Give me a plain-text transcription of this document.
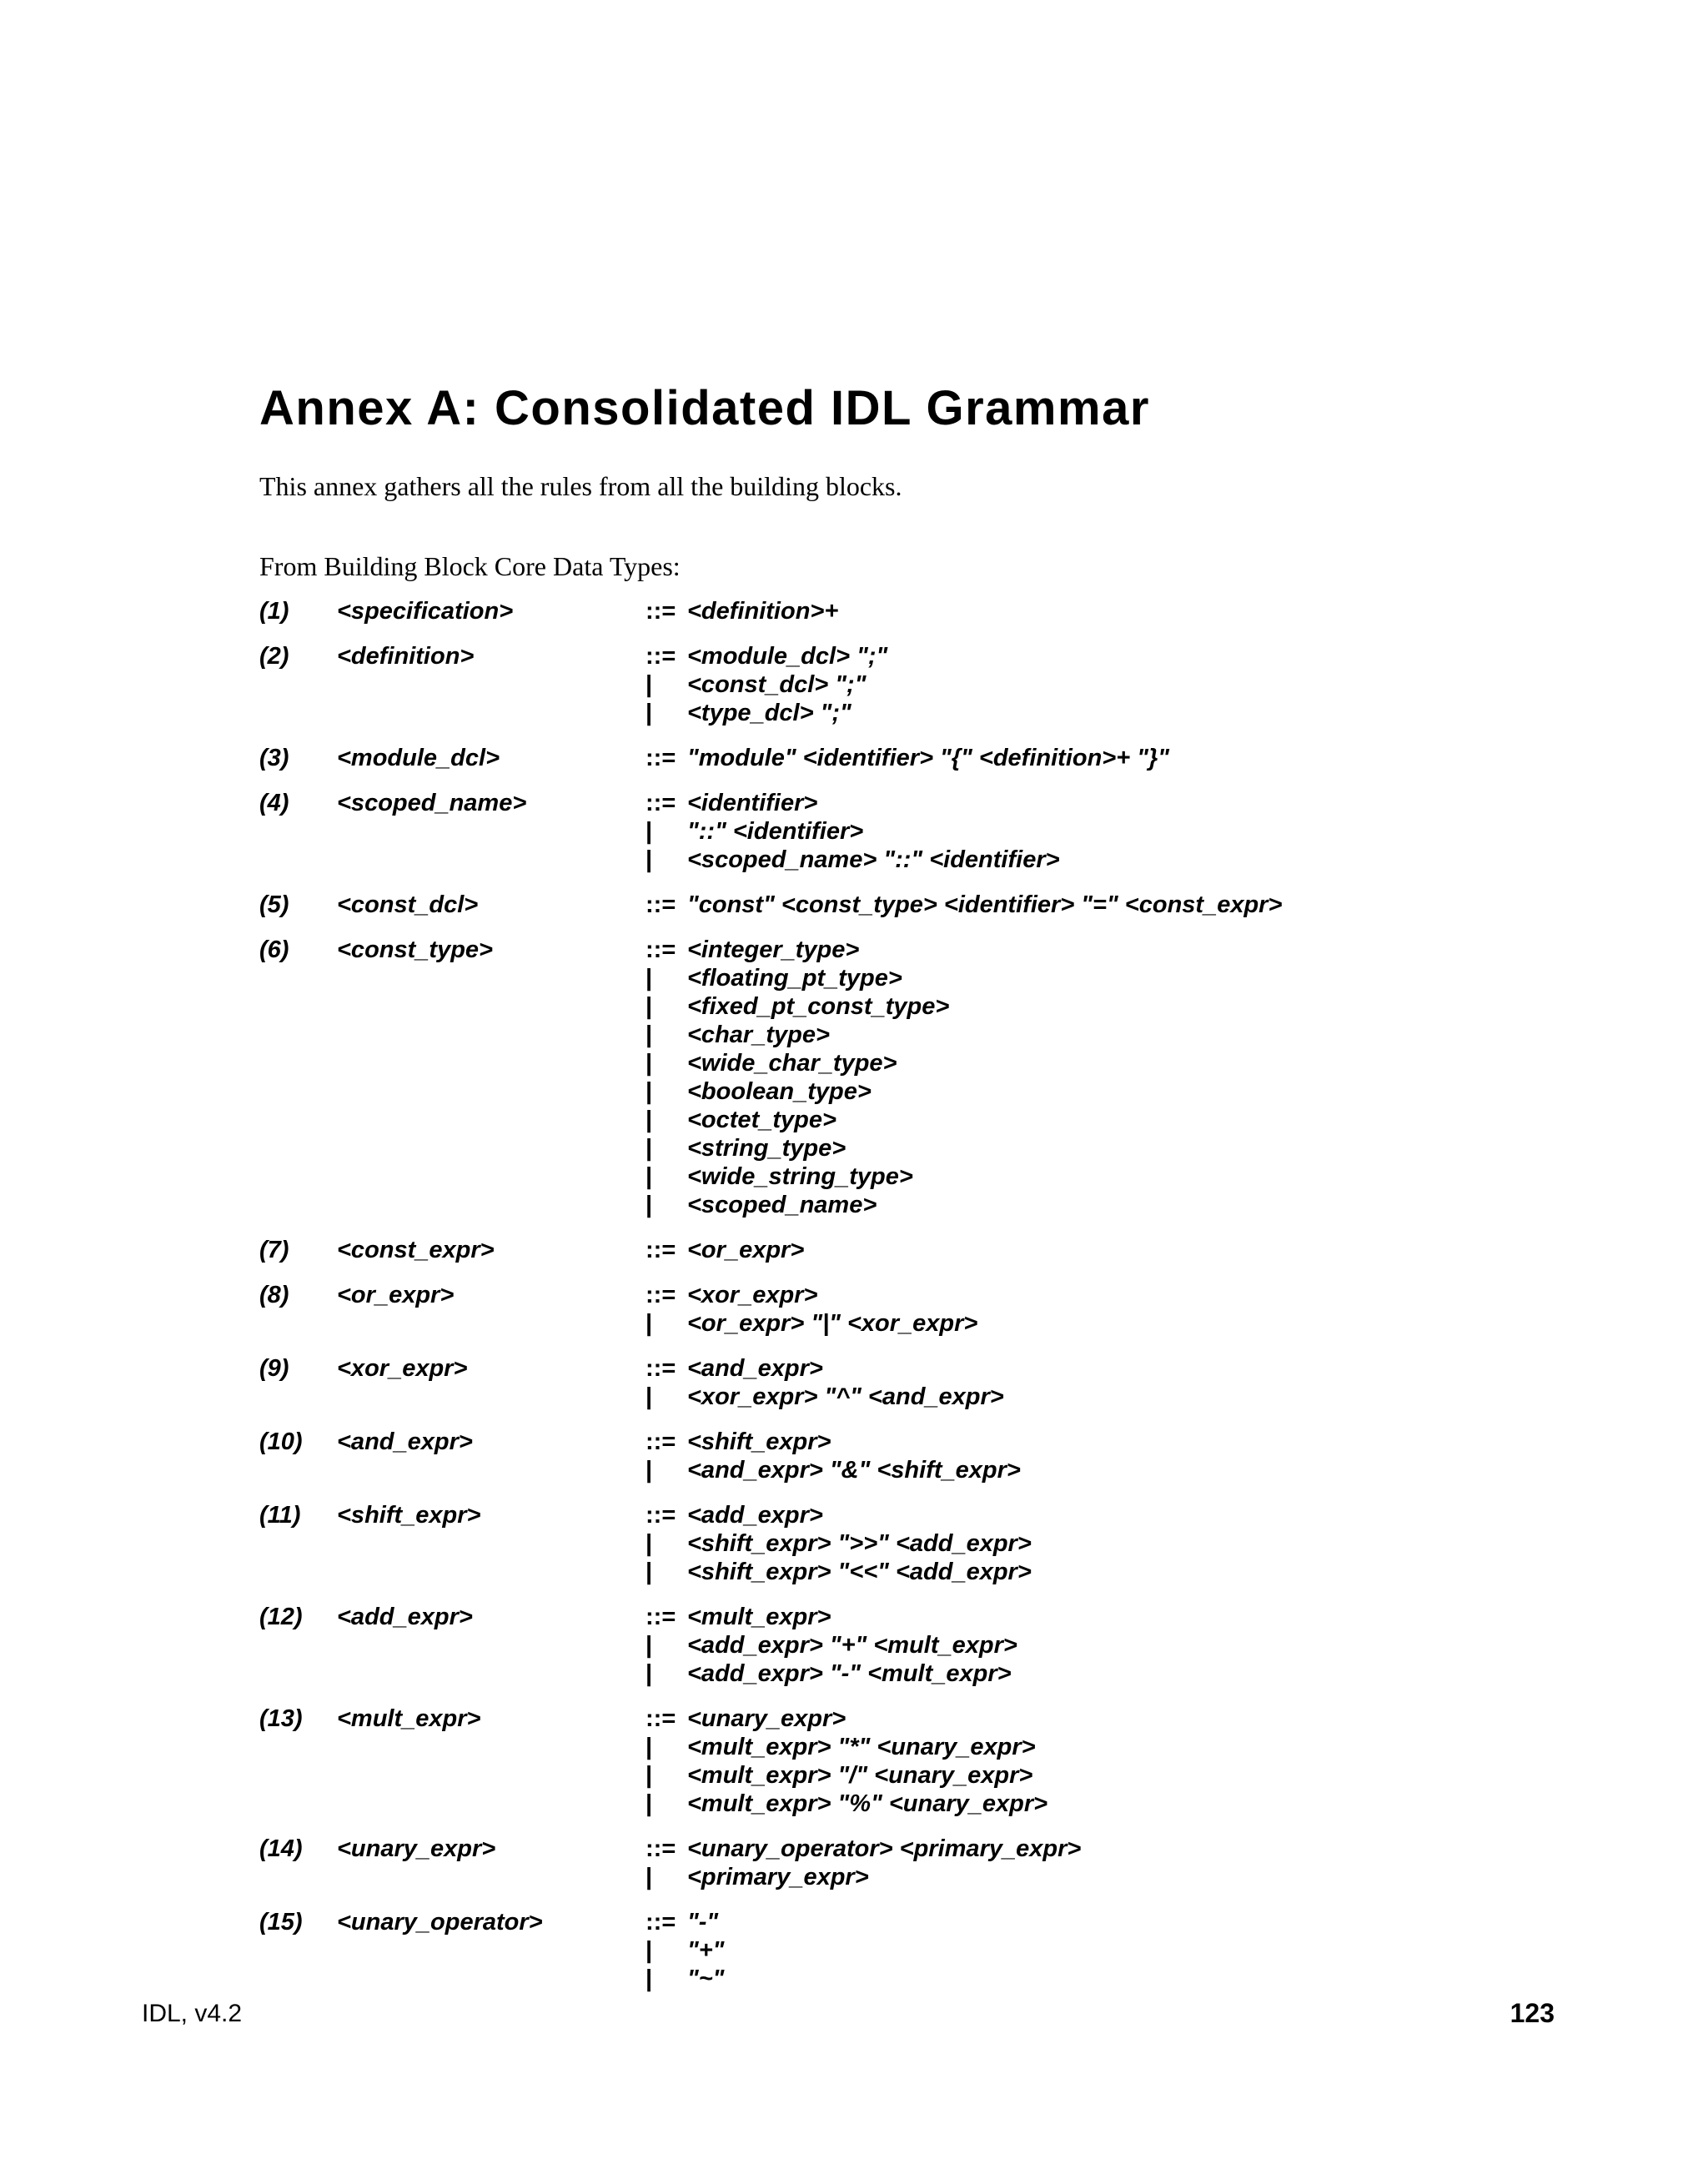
Annex A: Consolidated IDL Grammar

This annex gathers all the rules from all the building blocks.

From Building Block Core Data Types:

(1) <specification>	::= <definition>+
(2) <definition>	::= <module_dcl> ";"
| <const_dcl> ";"
| <type_dcl> ";"
(3) <module_dcl>	::= "module" <identifier> "{" <definition>+ "}"
(4) <scoped_name>	::= <identifier>
| "::" <identifier>
| <scoped_name> "::" <identifier>
(5) <const_dcl>	::= "const" <const_type> <identifier> "=" <const_expr>
(6) <const_type>	::= <integer_type>
| <floating_pt_type>
| <fixed_pt_const_type>
| <char_type>
| <wide_char_type>
| <boolean_type>
| <octet_type>
| <string_type>
| <wide_string_type>
| <scoped_name>
(7) <const_expr>	::= <or_expr>
(8) <or_expr>	::= <xor_expr>
| <or_expr> "|" <xor_expr>
(9) <xor_expr>	::= <and_expr>
| <xor_expr> "^" <and_expr>
(10) <and_expr>	::= <shift_expr>
| <and_expr> "&" <shift_expr>
(11) <shift_expr>	::= <add_expr>
| <shift_expr> ">>" <add_expr>
| <shift_expr> "<<" <add_expr>
(12) <add_expr>	::= <mult_expr>
| <add_expr> "+" <mult_expr>
| <add_expr> "-" <mult_expr>
(13) <mult_expr>	::= <unary_expr>
| <mult_expr> "*" <unary_expr>
| <mult_expr> "/" <unary_expr>
| <mult_expr> "%" <unary_expr>
(14) <unary_expr>	::= <unary_operator> <primary_expr>
| <primary_expr>
(15) <unary_operator>	::= "-"
| "+"
| "~"
IDL, v4.2	123
